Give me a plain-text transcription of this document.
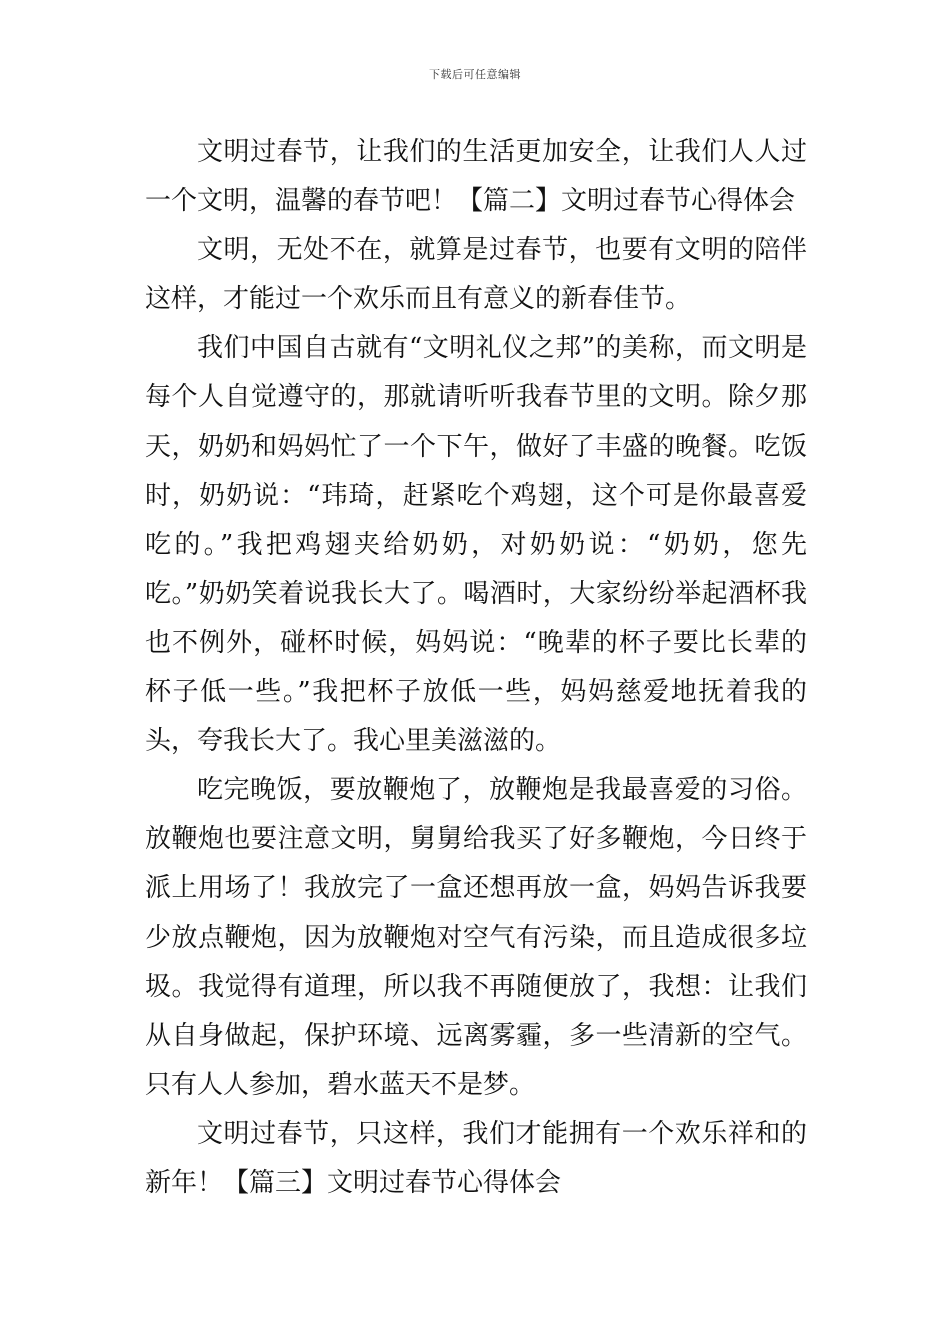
下载后可任意编辑

文明过春节，让我们的生活更加安全，让我们人人过一个文明，温馨的春节吧！【篇二】文明过春节心得体会

文明，无处不在，就算是过春节，也要有文明的陪伴这样，才能过一个欢乐而且有意义的新春佳节。

我们中国自古就有“文明礼仪之邦”的美称，而文明是每个人自觉遵守的，那就请听听我春节里的文明。除夕那天，奶奶和妈妈忙了一个下午，做好了丰盛的晚餐。吃饭时，奶奶说：“玮琦，赶紧吃个鸡翅，这个可是你最喜爱吃的。”我把鸡翅夹给奶奶，对奶奶说：“奶奶，您先吃。”奶奶笑着说我长大了。喝酒时，大家纷纷举起酒杯我也不例外，碰杯时候，妈妈说：“晚辈的杯子要比长辈的杯子低一些。”我把杯子放低一些，妈妈慈爱地抚着我的头，夸我长大了。我心里美滋滋的。

吃完晚饭，要放鞭炮了，放鞭炮是我最喜爱的习俗。放鞭炮也要注意文明，舅舅给我买了好多鞭炮，今日终于派上用场了！我放完了一盒还想再放一盒，妈妈告诉我要少放点鞭炮，因为放鞭炮对空气有污染，而且造成很多垃圾。我觉得有道理，所以我不再随便放了，我想：让我们从自身做起，保护环境、远离雾霾，多一些清新的空气。只有人人参加，碧水蓝天不是梦。

文明过春节，只这样，我们才能拥有一个欢乐祥和的新年！【篇三】文明过春节心得体会
